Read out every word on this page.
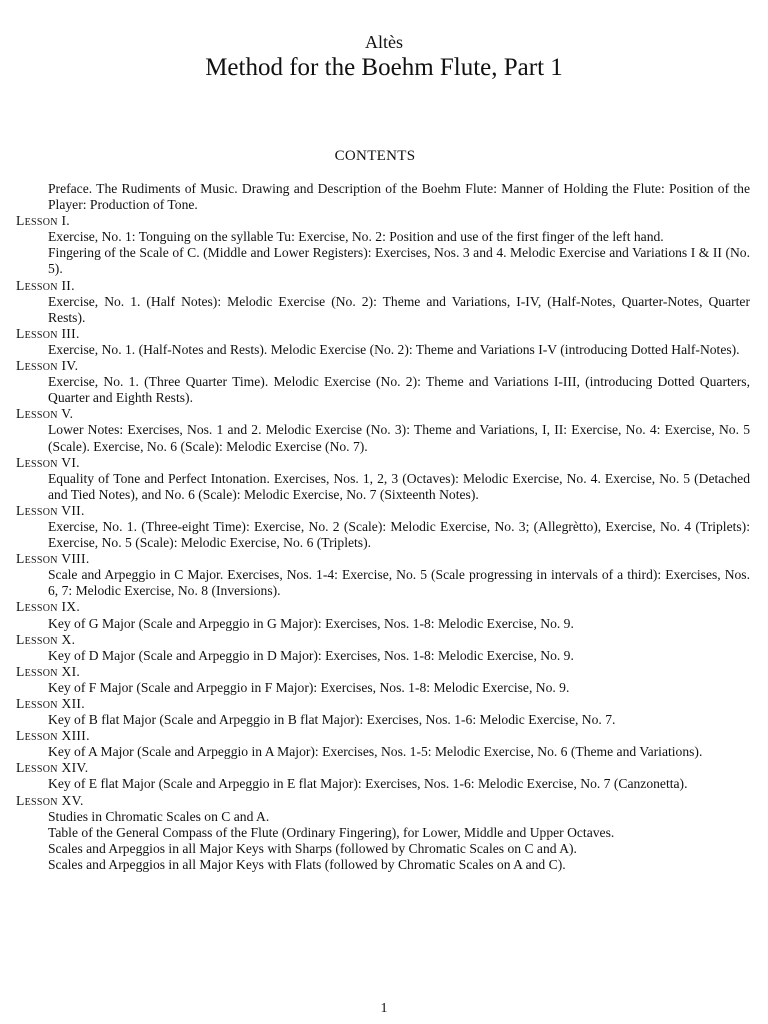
Altès
Method for the Boehm Flute, Part 1
CONTENTS

Preface. The Rudiments of Music. Drawing and Description of the Boehm Flute: Manner of Holding the Flute: Position of the Player: Production of Tone.

Lesson I.

Exercise, No. 1: Tonguing on the syllable Tu: Exercise, No. 2: Position and use of the first finger of the left hand.

Fingering of the Scale of C. (Middle and Lower Registers): Exercises, Nos. 3 and 4. Melodic Exercise and Variations I & II (No. 5).

Lesson II.

Exercise, No. 1. (Half Notes): Melodic Exercise (No. 2): Theme and Variations, I-IV, (Half-Notes, Quarter-Notes, Quarter Rests).

Lesson III.

Exercise, No. 1. (Half-Notes and Rests). Melodic Exercise (No. 2): Theme and Variations I-V (introducing Dotted Half-Notes).

Lesson IV.

Exercise, No. 1. (Three Quarter Time). Melodic Exercise (No. 2): Theme and Variations I-III, (introducing Dotted Quarters, Quarter and Eighth Rests).

Lesson V.

Lower Notes: Exercises, Nos. 1 and 2. Melodic Exercise (No. 3): Theme and Variations, I, II: Exercise, No. 4: Exercise, No. 5 (Scale). Exercise, No. 6 (Scale): Melodic Exercise (No. 7).

Lesson VI.

Equality of Tone and Perfect Intonation. Exercises, Nos. 1, 2, 3 (Octaves): Melodic Exercise, No. 4. Exercise, No. 5 (Detached and Tied Notes), and No. 6 (Scale): Melodic Exercise, No. 7 (Sixteenth Notes).

Lesson VII.

Exercise, No. 1. (Three-eight Time): Exercise, No. 2 (Scale): Melodic Exercise, No. 3; (Allegrètto), Exercise, No. 4 (Triplets): Exercise, No. 5 (Scale): Melodic Exercise, No. 6 (Triplets).

Lesson VIII.

Scale and Arpeggio in C Major. Exercises, Nos. 1-4: Exercise, No. 5 (Scale progressing in intervals of a third): Exercises, Nos. 6, 7: Melodic Exercise, No. 8 (Inversions).

Lesson IX.

Key of G Major (Scale and Arpeggio in G Major): Exercises, Nos. 1-8: Melodic Exercise, No. 9.

Lesson X.

Key of D Major (Scale and Arpeggio in D Major): Exercises, Nos. 1-8: Melodic Exercise, No. 9.

Lesson XI.

Key of F Major (Scale and Arpeggio in F Major): Exercises, Nos. 1-8: Melodic Exercise, No. 9.

Lesson XII.

Key of B flat Major (Scale and Arpeggio in B flat Major): Exercises, Nos. 1-6: Melodic Exercise, No. 7.

Lesson XIII.

Key of A Major (Scale and Arpeggio in A Major): Exercises, Nos. 1-5: Melodic Exercise, No. 6 (Theme and Variations).

Lesson XIV.

Key of E flat Major (Scale and Arpeggio in E flat Major): Exercises, Nos. 1-6: Melodic Exercise, No. 7 (Canzonetta).

Lesson XV.

Studies in Chromatic Scales on C and A.

Table of the General Compass of the Flute (Ordinary Fingering), for Lower, Middle and Upper Octaves.

Scales and Arpeggios in all Major Keys with Sharps (followed by Chromatic Scales on C and A).

Scales and Arpeggios in all Major Keys with Flats (followed by Chromatic Scales on A and C).

1
